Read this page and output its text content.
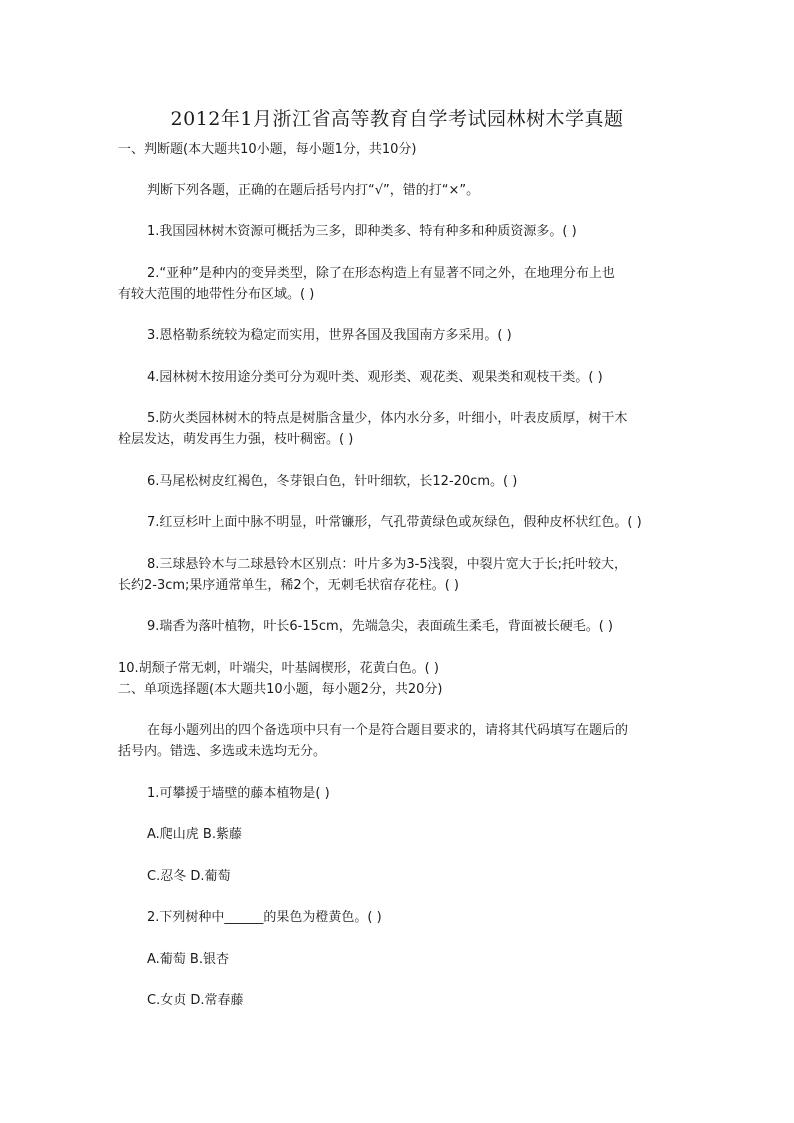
2012年1月浙江省高等教育自学考试园林树木学真题
一、判断题(本大题共10小题，每小题1分，共10分)
判断下列各题，正确的在题后括号内打“√”，错的打“×”。
1.我国园林树木资源可概括为三多，即种类多、特有种多和种质资源多。( )
2.“亚种”是种内的变异类型，除了在形态构造上有显著不同之外，在地理分布上也
有较大范围的地带性分布区域。( )
3.恩格勒系统较为稳定而实用，世界各国及我国南方多采用。( )
4.园林树木按用途分类可分为观叶类、观形类、观花类、观果类和观枝干类。( )
5.防火类园林树木的特点是树脂含量少，体内水分多，叶细小，叶表皮质厚，树干木
栓层发达，萌发再生力强，枝叶稠密。( )
6.马尾松树皮红褐色，冬芽银白色，针叶细软，长12-20cm。( )
7.红豆杉叶上面中脉不明显，叶常镰形，气孔带黄绿色或灰绿色，假种皮杯状红色。( )
8.三球悬铃木与二球悬铃木区别点：叶片多为3-5浅裂，中裂片宽大于长;托叶较大，
长约2-3cm;果序通常单生，稀2个，无刺毛状宿存花柱。( )
9.瑞香为落叶植物，叶长6-15cm，先端急尖，表面疏生柔毛，背面被长硬毛。( )
10.胡颓子常无刺，叶端尖，叶基阔楔形，花黄白色。( )
二、单项选择题(本大题共10小题，每小题2分，共20分)
在每小题列出的四个备选项中只有一个是符合题目要求的，请将其代码填写在题后的
括号内。错选、多选或未选均无分。
1.可攀援于墙壁的藤本植物是( )
A.爬山虎 B.紫藤
C.忍冬 D.葡萄
2.下列树种中______的果色为橙黄色。( )
A.葡萄 B.银杏
C.女贞 D.常春藤
